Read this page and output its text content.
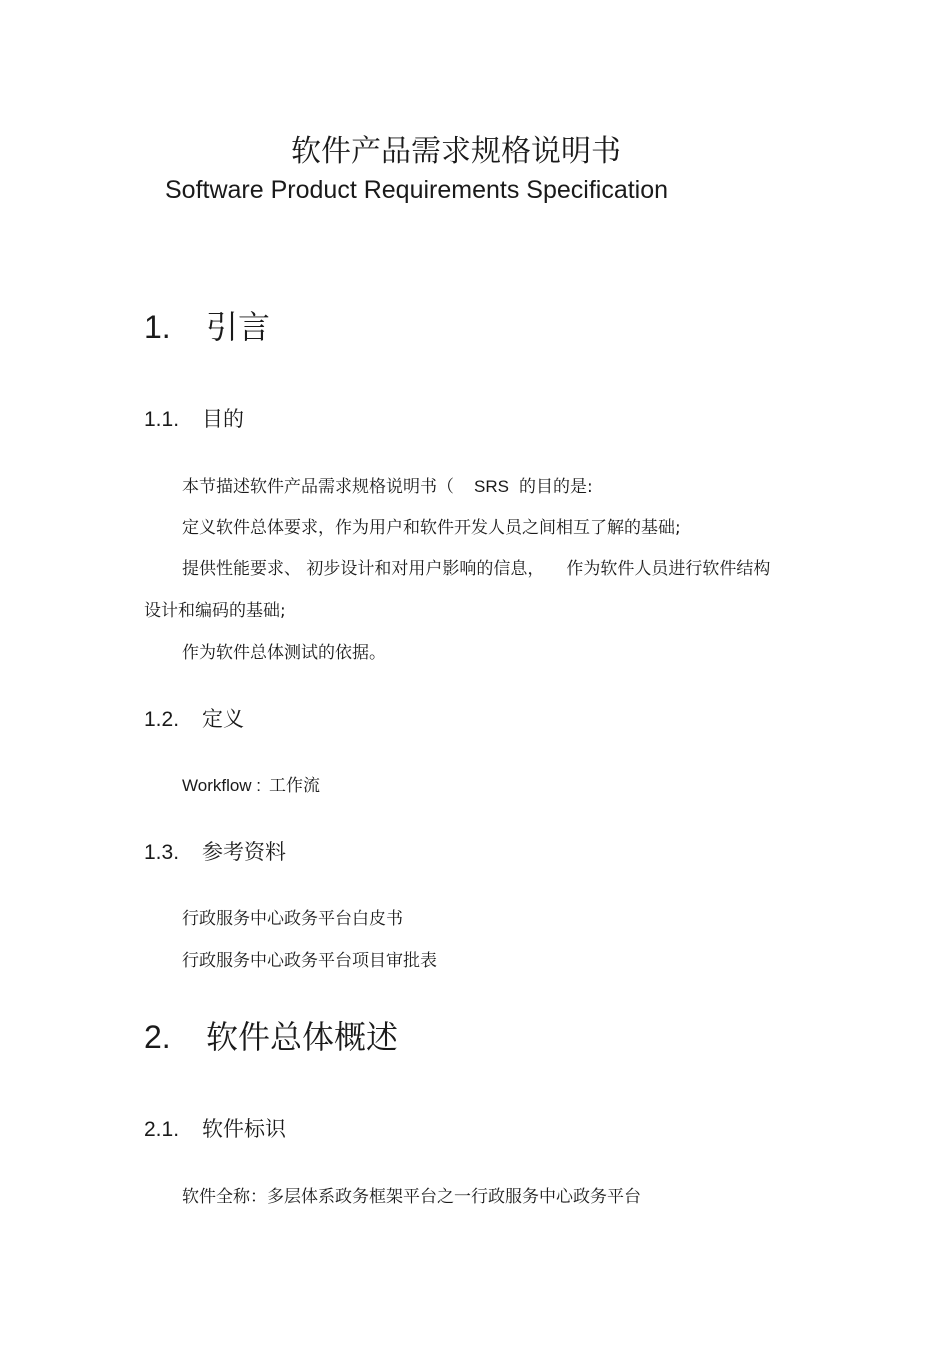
软件产品需求规格说明书
Software Product Requirements Specification
1. 引言
1.1. 目的
本节描述软件产品需求规格说明书（ SRS 的目的是:
定义软件总体要求，作为用户和软件开发人员之间相互了解的基础;
提供性能要求、 初步设计和对用户影响的信息， 作为软件人员进行软件结构
设计和编码的基础;
作为软件总体测试的依据。
1.2. 定义
Workflow : 工作流
1.3. 参考资料
行政服务中心政务平台白皮书
行政服务中心政务平台项目审批表
2. 软件总体概述
2.1. 软件标识
软件全称：多层体系政务框架平台之一行政服务中心政务平台
